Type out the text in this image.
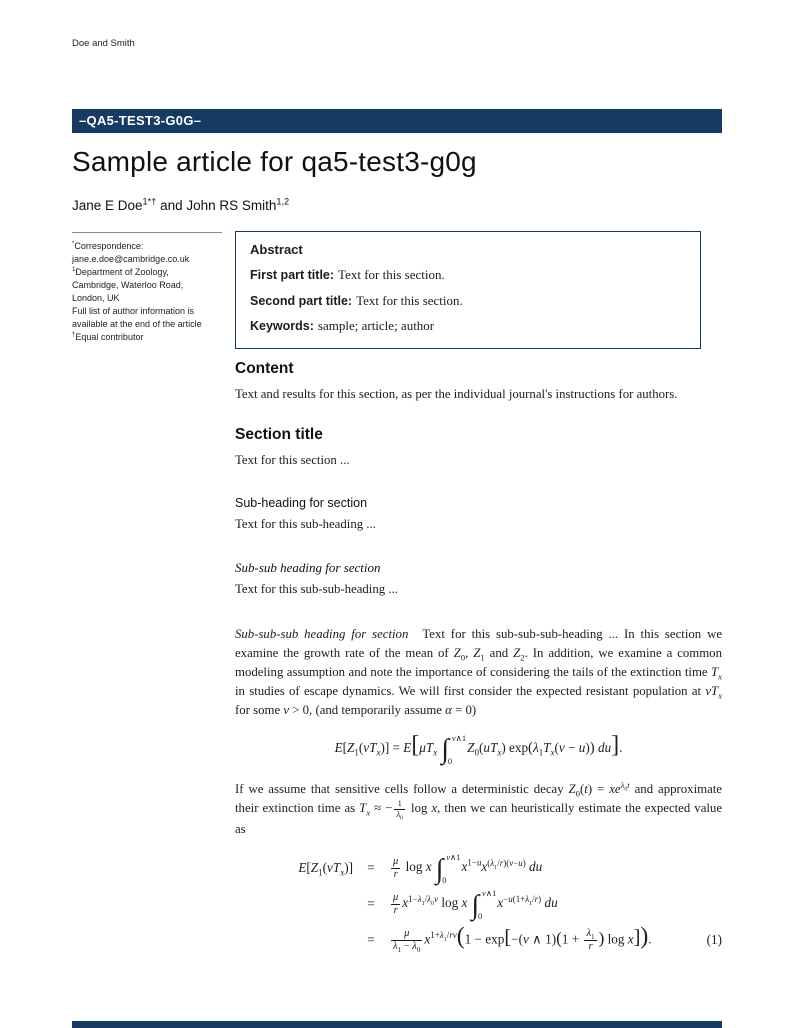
Doe and Smith
–QA5-TEST3-G0G–
Sample article for qa5-test3-g0g
Jane E Doe$^{1*\dagger}$ and John RS Smith$^{1,2}$
*Correspondence:
jane.e.doe@cambridge.co.uk
$^1$Department of Zoology,
Cambridge, Waterloo Road,
London, UK
Full list of author information is
available at the end of the article
†Equal contributor
Abstract
First part title: Text for this section.
Second part title: Text for this section.
Keywords: sample; article; author
Content

Text and results for this section, as per the individual journal's instructions for authors.

Section title

Text for this section ...

Sub-heading for section

Text for this sub-heading ...

Sub-sub heading for section

Text for this sub-sub-heading ...

Sub-sub-sub heading for section Text for this sub-sub-sub-heading ... In this section we examine the growth rate of the mean of $Z_0$, $Z_1$ and $Z_2$. In addition, we examine a common modeling assumption and note the importance of considering the tails of the extinction time $T_x$ in studies of escape dynamics. We will first consider the expected resistant population at $vT_x$ for some v > 0, (and temporarily assume α = 0)

$E[Z_1(vT_x)] = E[\mu T_x$ ∫ v∧1
0
$Z_0(uT_x) \exp(\lambda_1T_x(v - u))$ du].

If we assume that sensitive cells follow a deterministic decay $Z_0(t) = xe^{\lambda_0t}$ and approximate their extinction time as $T_x$ ≈ − $\frac{1}{\lambda_0}$ log x, then we can heuristically estimate the expected value as

$E[Z_1(vT_x)]$	=	$\frac{\mu}{r}$ log x ∫ v∧1
0
$x^{1-u}x^{(\lambda_1/r)(v-u)}$ du
=	$\frac{\mu}{r} x^{1-\lambda_1/\lambda_0v}$ log x ∫ v∧1
0
$x^{-u(1+\lambda_1/r)}$ du
=	$\frac{\mu}{\lambda_1 - \lambda_0} x^{1+\lambda_1/rv}(1 - \exp[-(v$ ∧ $1)(1 + \frac{\lambda_1}{r}$ ) log x]).	(1)
